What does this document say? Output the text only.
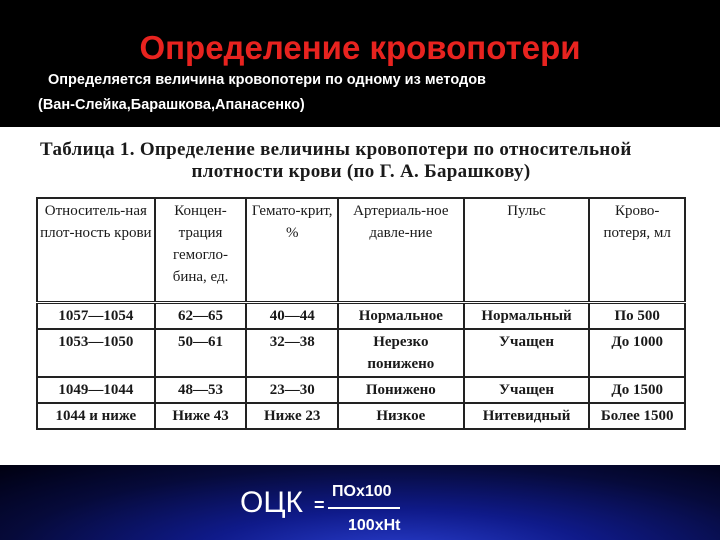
Определение кровопотери
Определяется величина кровопотери по одному из методов
(Ван-Слейка,Барашкова,Апанасенко)
Таблица 1. Определение величины кровопотери по относительной
плотности крови (по Г. А. Барашкову)
Относитель-ная плот-ность крови	Концен-трация гемогло-бина, ед.	Гемато-крит, %	Артериаль-ное давле-ние	Пульс	Крово-потеря, мл
1057—1054	62—65	40—44	Нормальное	Нормальный	По 500
1053—1050	50—61	32—38	Нерезко понижено	Учащен	До 1000
1049—1044	48—53	23—30	Понижено	Учащен	До 1500
1044 и ниже	Ниже 43	Ниже 23	Низкое	Нитевидный	Более 1500
ОЦК =
ПОх100
100хHt
